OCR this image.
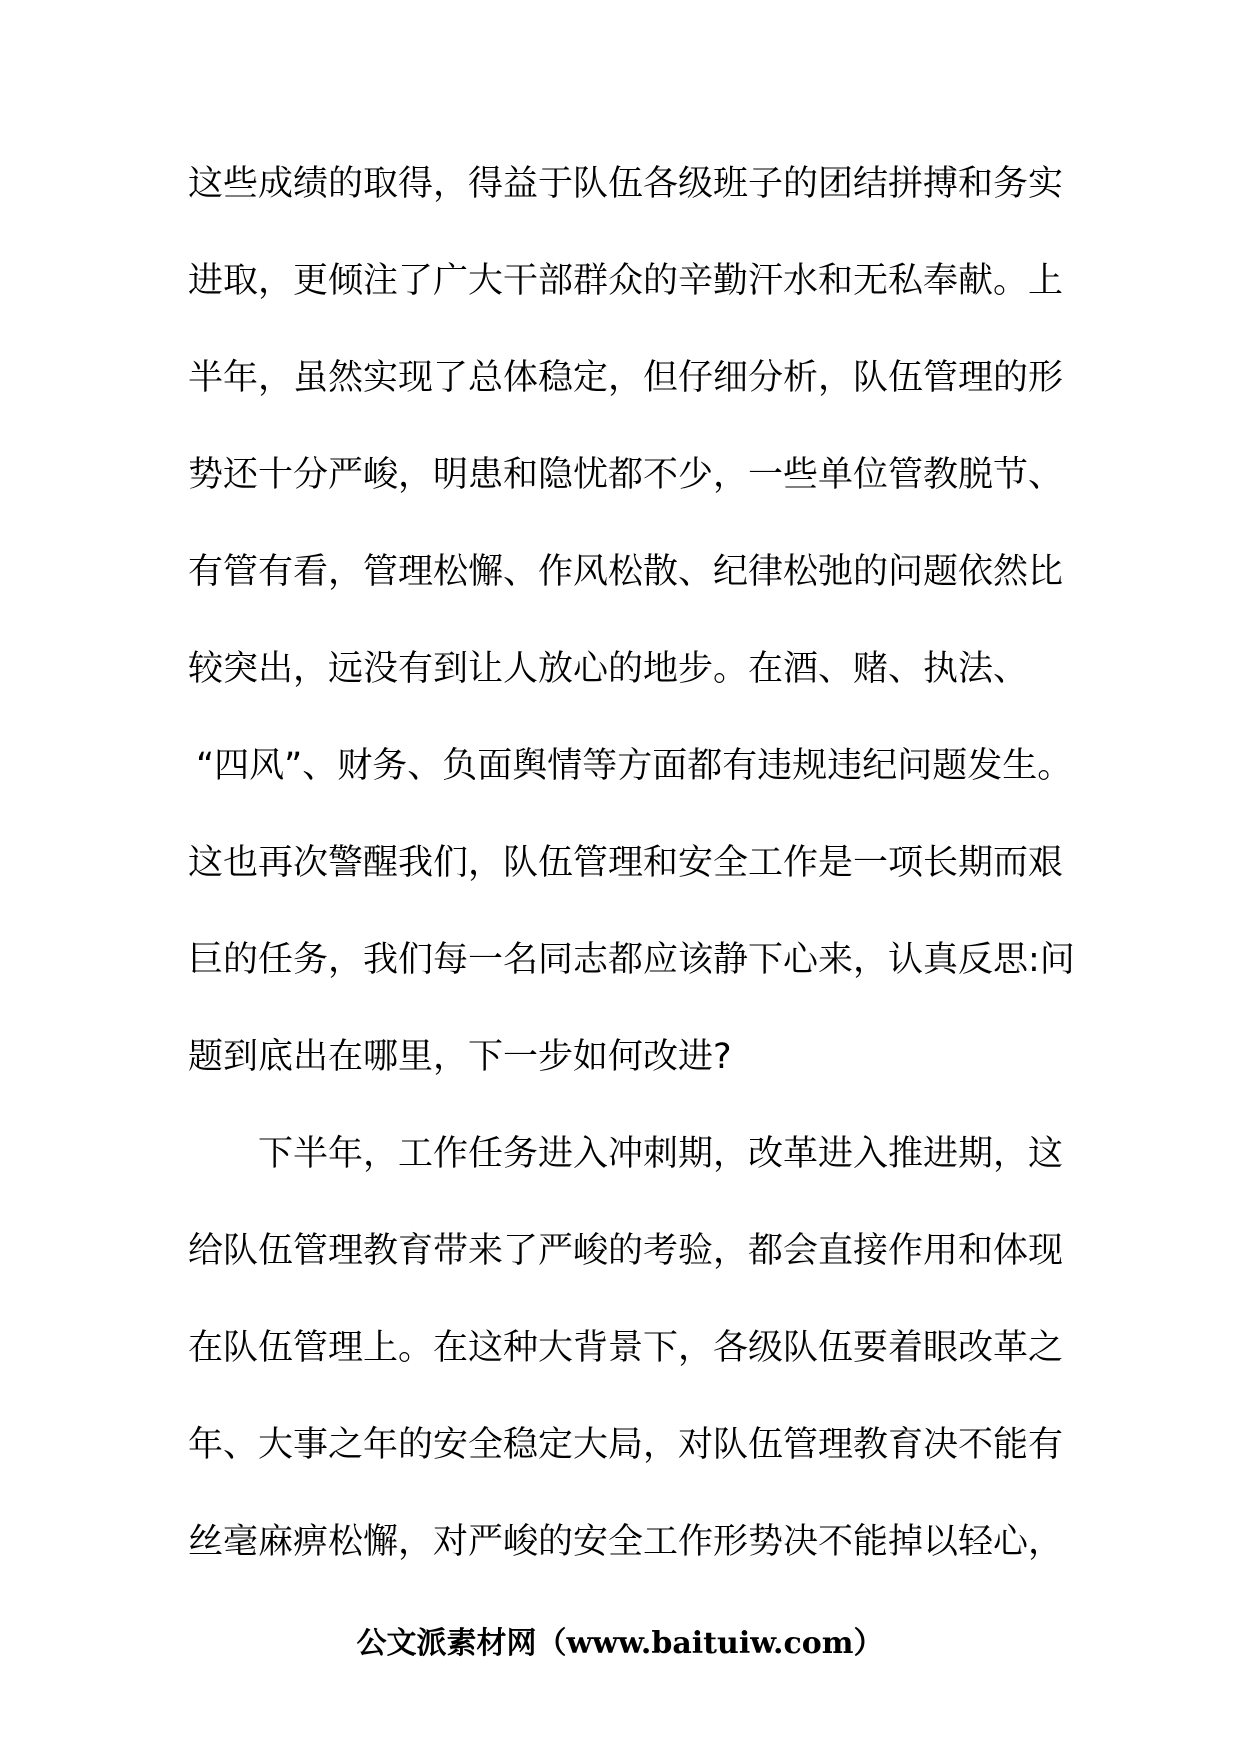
这些成绩的取得，得益于队伍各级班子的团结拼搏和务实
进取，更倾注了广大干部群众的辛勤汗水和无私奉献。上
半年，虽然实现了总体稳定，但仔细分析，队伍管理的形
势还十分严峻，明患和隐忧都不少，一些单位管教脱节、
有管有看，管理松懈、作风松散、纪律松弛的问题依然比
较突出，远没有到让人放心的地步。在酒、赌、执法、
“四风”、财务、负面舆情等方面都有违规违纪问题发生。
这也再次警醒我们，队伍管理和安全工作是一项长期而艰
巨的任务，我们每一名同志都应该静下心来，认真反思:问
题到底出在哪里，下一步如何改进?
下半年，工作任务进入冲刺期，改革进入推进期，这
给队伍管理教育带来了严峻的考验，都会直接作用和体现
在队伍管理上。在这种大背景下，各级队伍要着眼改革之
年、大事之年的安全稳定大局，对队伍管理教育决不能有
丝毫麻痹松懈，对严峻的安全工作形势决不能掉以轻心，
公文派素材网（www.baituiw.com）
